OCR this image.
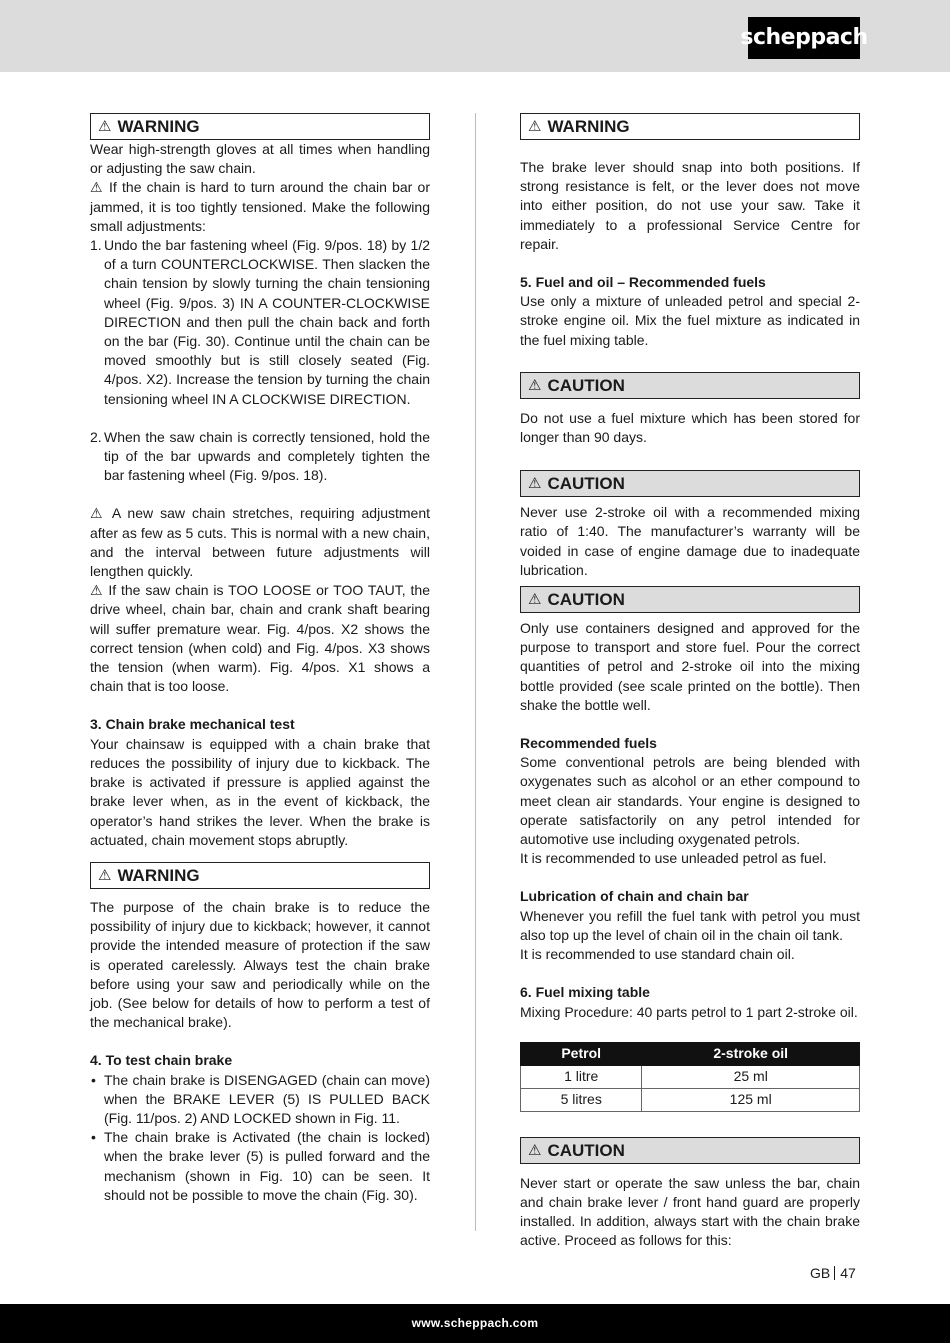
scheppach
⚠ WARNING

Wear high-strength gloves at all times when handling or adjusting the saw chain.

⚠ If the chain is hard to turn around the chain bar or jammed, it is too tightly tensioned. Make the following small adjustments:

1. Undo the bar fastening wheel (Fig. 9/pos. 18) by 1/2 of a turn COUNTERCLOCKWISE. Then slacken the chain tension by slowly turning the chain tensioning wheel (Fig. 9/pos. 3) IN A COUNTER-CLOCKWISE DIRECTION and then pull the chain back and forth on the bar (Fig. 30). Continue until the chain can be moved smoothly but is still closely seated (Fig. 4/pos. X2). Increase the tension by turning the chain tensioning wheel IN A CLOCKWISE DIRECTION.
2. When the saw chain is correctly tensioned, hold the tip of the bar upwards and completely tighten the bar fastening wheel (Fig. 9/pos. 18).

⚠ A new saw chain stretches, requiring adjustment after as few as 5 cuts. This is normal with a new chain, and the interval between future adjustments will lengthen quickly.

⚠ If the saw chain is TOO LOOSE or TOO TAUT, the drive wheel, chain bar, chain and crank shaft bearing will suffer premature wear. Fig. 4/pos. X2 shows the correct tension (when cold) and Fig. 4/pos. X3 shows the tension (when warm). Fig. 4/pos. X1 shows a chain that is too loose.

3. Chain brake mechanical test

Your chainsaw is equipped with a chain brake that reduces the possibility of injury due to kickback. The brake is activated if pressure is applied against the brake lever when, as in the event of kickback, the operator’s hand strikes the lever. When the brake is actuated, chain movement stops abruptly.

⚠ WARNING

The purpose of the chain brake is to reduce the possibility of injury due to kickback; however, it cannot provide the intended measure of protection if the saw is operated carelessly. Always test the chain brake before using your saw and periodically while on the job. (See below for details of how to perform a test of the mechanical brake).

4. To test chain brake
• The chain brake is DISENGAGED (chain can move) when the BRAKE LEVER (5) IS PULLED BACK (Fig. 11/pos. 2) AND LOCKED shown in Fig. 11.
• The chain brake is Activated (the chain is locked) when the brake lever (5) is pulled forward and the mechanism (shown in Fig. 10) can be seen. It should not be possible to move the chain (Fig. 30).
⚠ WARNING

The brake lever should snap into both positions. If strong resistance is felt, or the lever does not move into either position, do not use your saw. Take it immediately to a professional Service Centre for repair.

5. Fuel and oil – Recommended fuels

Use only a mixture of unleaded petrol and special 2-stroke engine oil. Mix the fuel mixture as indicated in the fuel mixing table.

⚠ CAUTION

Do not use a fuel mixture which has been stored for longer than 90 days.

⚠ CAUTION

Never use 2-stroke oil with a recommended mixing ratio of 1:40. The manufacturer’s warranty will be voided in case of engine damage due to inadequate lubrication.

⚠ CAUTION

Only use containers designed and approved for the purpose to transport and store fuel. Pour the correct quantities of petrol and 2-stroke oil into the mixing bottle provided (see scale printed on the bottle). Then shake the bottle well.

Recommended fuels

Some conventional petrols are being blended with oxygenates such as alcohol or an ether compound to meet clean air standards. Your engine is designed to operate satisfactorily on any petrol intended for automotive use including oxygenated petrols.

It is recommended to use unleaded petrol as fuel.

Lubrication of chain and chain bar

Whenever you refill the fuel tank with petrol you must also top up the level of chain oil in the chain oil tank.

It is recommended to use standard chain oil.

6. Fuel mixing table

Mixing Procedure: 40 parts petrol to 1 part 2-stroke oil.

Petrol	2-stroke oil
1 litre	25 ml
5 litres	125 ml
⚠ CAUTION

Never start or operate the saw unless the bar, chain and chain brake lever / front hand guard are properly installed. In addition, always start with the chain brake active. Proceed as follows for this:

GB 47
www.scheppach.com
